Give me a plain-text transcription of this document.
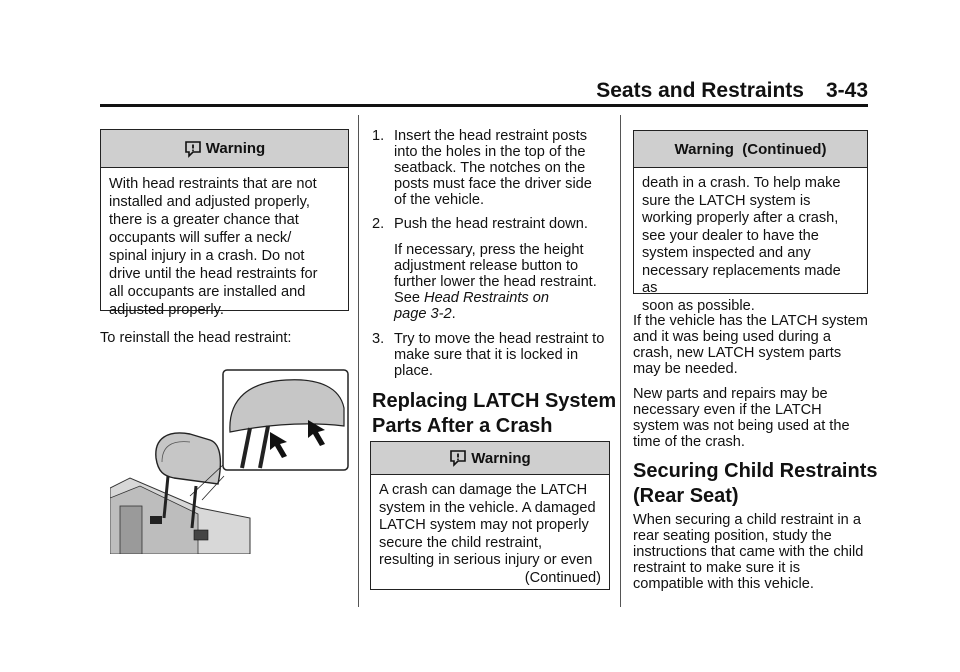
Seats and Restraints 3-43
Warning
With head restraints that are not
installed and adjusted properly,
there is a greater chance that
occupants will suffer a neck/
spinal injury in a crash. Do not
drive until the head restraints for
all occupants are installed and
adjusted properly.

To reinstall the head restraint:

1. Insert the head restraint posts
into the holes in the top of the
seatback. The notches on the
posts must face the driver side
of the vehicle.
2. Push the head restraint down.
If necessary, press the height
adjustment release button to
further lower the head restraint.
See Head Restraints on
page 3-2.
3. Try to move the head restraint to
make sure that it is locked in
place.
Replacing LATCH System
Parts After a Crash
Warning
A crash can damage the LATCH
system in the vehicle. A damaged
LATCH system may not properly
secure the child restraint,
resulting in serious injury or even
(Continued)
Warning  (Continued)
death in a crash. To help make
sure the LATCH system is
working properly after a crash,
see your dealer to have the
system inspected and any
necessary replacements made as
soon as possible.
If the vehicle has the LATCH system
and it was being used during a
crash, new LATCH system parts
may be needed.
New parts and repairs may be
necessary even if the LATCH
system was not being used at the
time of the crash.
Securing Child Restraints
(Rear Seat)
When securing a child restraint in a
rear seating position, study the
instructions that came with the child
restraint to make sure it is
compatible with this vehicle.
